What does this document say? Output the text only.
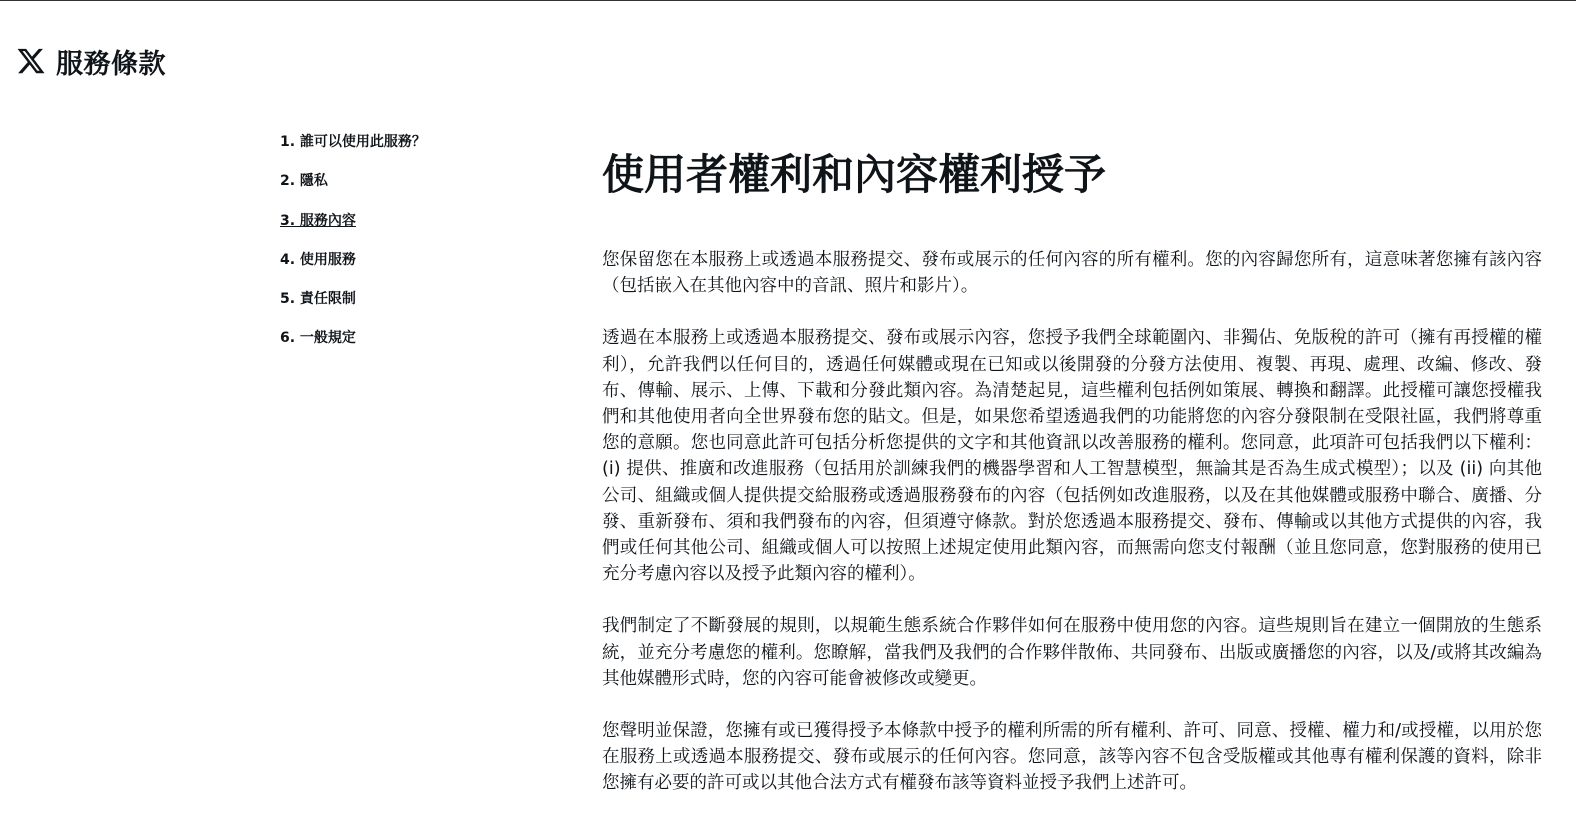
服務條款
1. 誰可以使用此服務？
2. 隱私
3. 服務內容
4. 使用服務
5. 責任限制
6. 一般規定
使用者權利和內容權利授予

您保留您在本服務上或透過本服務提交、發布或展示的任何內容的所有權利。您的內容歸您所有，這意味著您擁有該內容（包括嵌入在其他內容中的音訊、照片和影片）。

透過在本服務上或透過本服務提交、發布或展示內容，您授予我們全球範圍內、非獨佔、免版稅的許可（擁有再授權的權利），允許我們以任何目的，透過任何媒體或現在已知或以後開發的分發方法使用、複製、再現、處理、改編、修改、發布、傳輸、展示、上傳、下載和分發此類內容。為清楚起見，這些權利包括例如策展、轉換和翻譯。此授權可讓您授權我們和其他使用者向全世界發布您的貼文。但是，如果您希望透過我們的功能將您的內容分發限制在受限社區，我們將尊重您的意願。您也同意此許可包括分析您提供的文字和其他資訊以改善服務的權利。您同意，此項許可包括我們以下權利：(i) 提供、推廣和改進服務（包括用於訓練我們的機器學習和人工智慧模型，無論其是否為生成式模型）；以及 (ii) 向其他公司、組織或個人提供提交給服務或透過服務發布的內容（包括例如改進服務，以及在其他媒體或服務中聯合、廣播、分發、重新發布、須和我們發布的內容，但須遵守條款。對於您透過本服務提交、發布、傳輸或以其他方式提供的內容，我們或任何其他公司、組織或個人可以按照上述規定使用此類內容，而無需向您支付報酬（並且您同意，您對服務的使用已充分考慮內容以及授予此類內容的權利）。

我們制定了不斷發展的規則，以規範生態系統合作夥伴如何在服務中使用您的內容。這些規則旨在建立一個開放的生態系統，並充分考慮您的權利。您瞭解，當我們及我們的合作夥伴散佈、共同發布、出版或廣播您的內容，以及/或將其改編為其他媒體形式時，您的內容可能會被修改或變更。

您聲明並保證，您擁有或已獲得授予本條款中授予的權利所需的所有權利、許可、同意、授權、權力和/或授權，以用於您在服務上或透過本服務提交、發布或展示的任何內容。您同意，該等內容不包含受版權或其他專有權利保護的資料，除非您擁有必要的許可或以其他合法方式有權發布該等資料並授予我們上述許可。
